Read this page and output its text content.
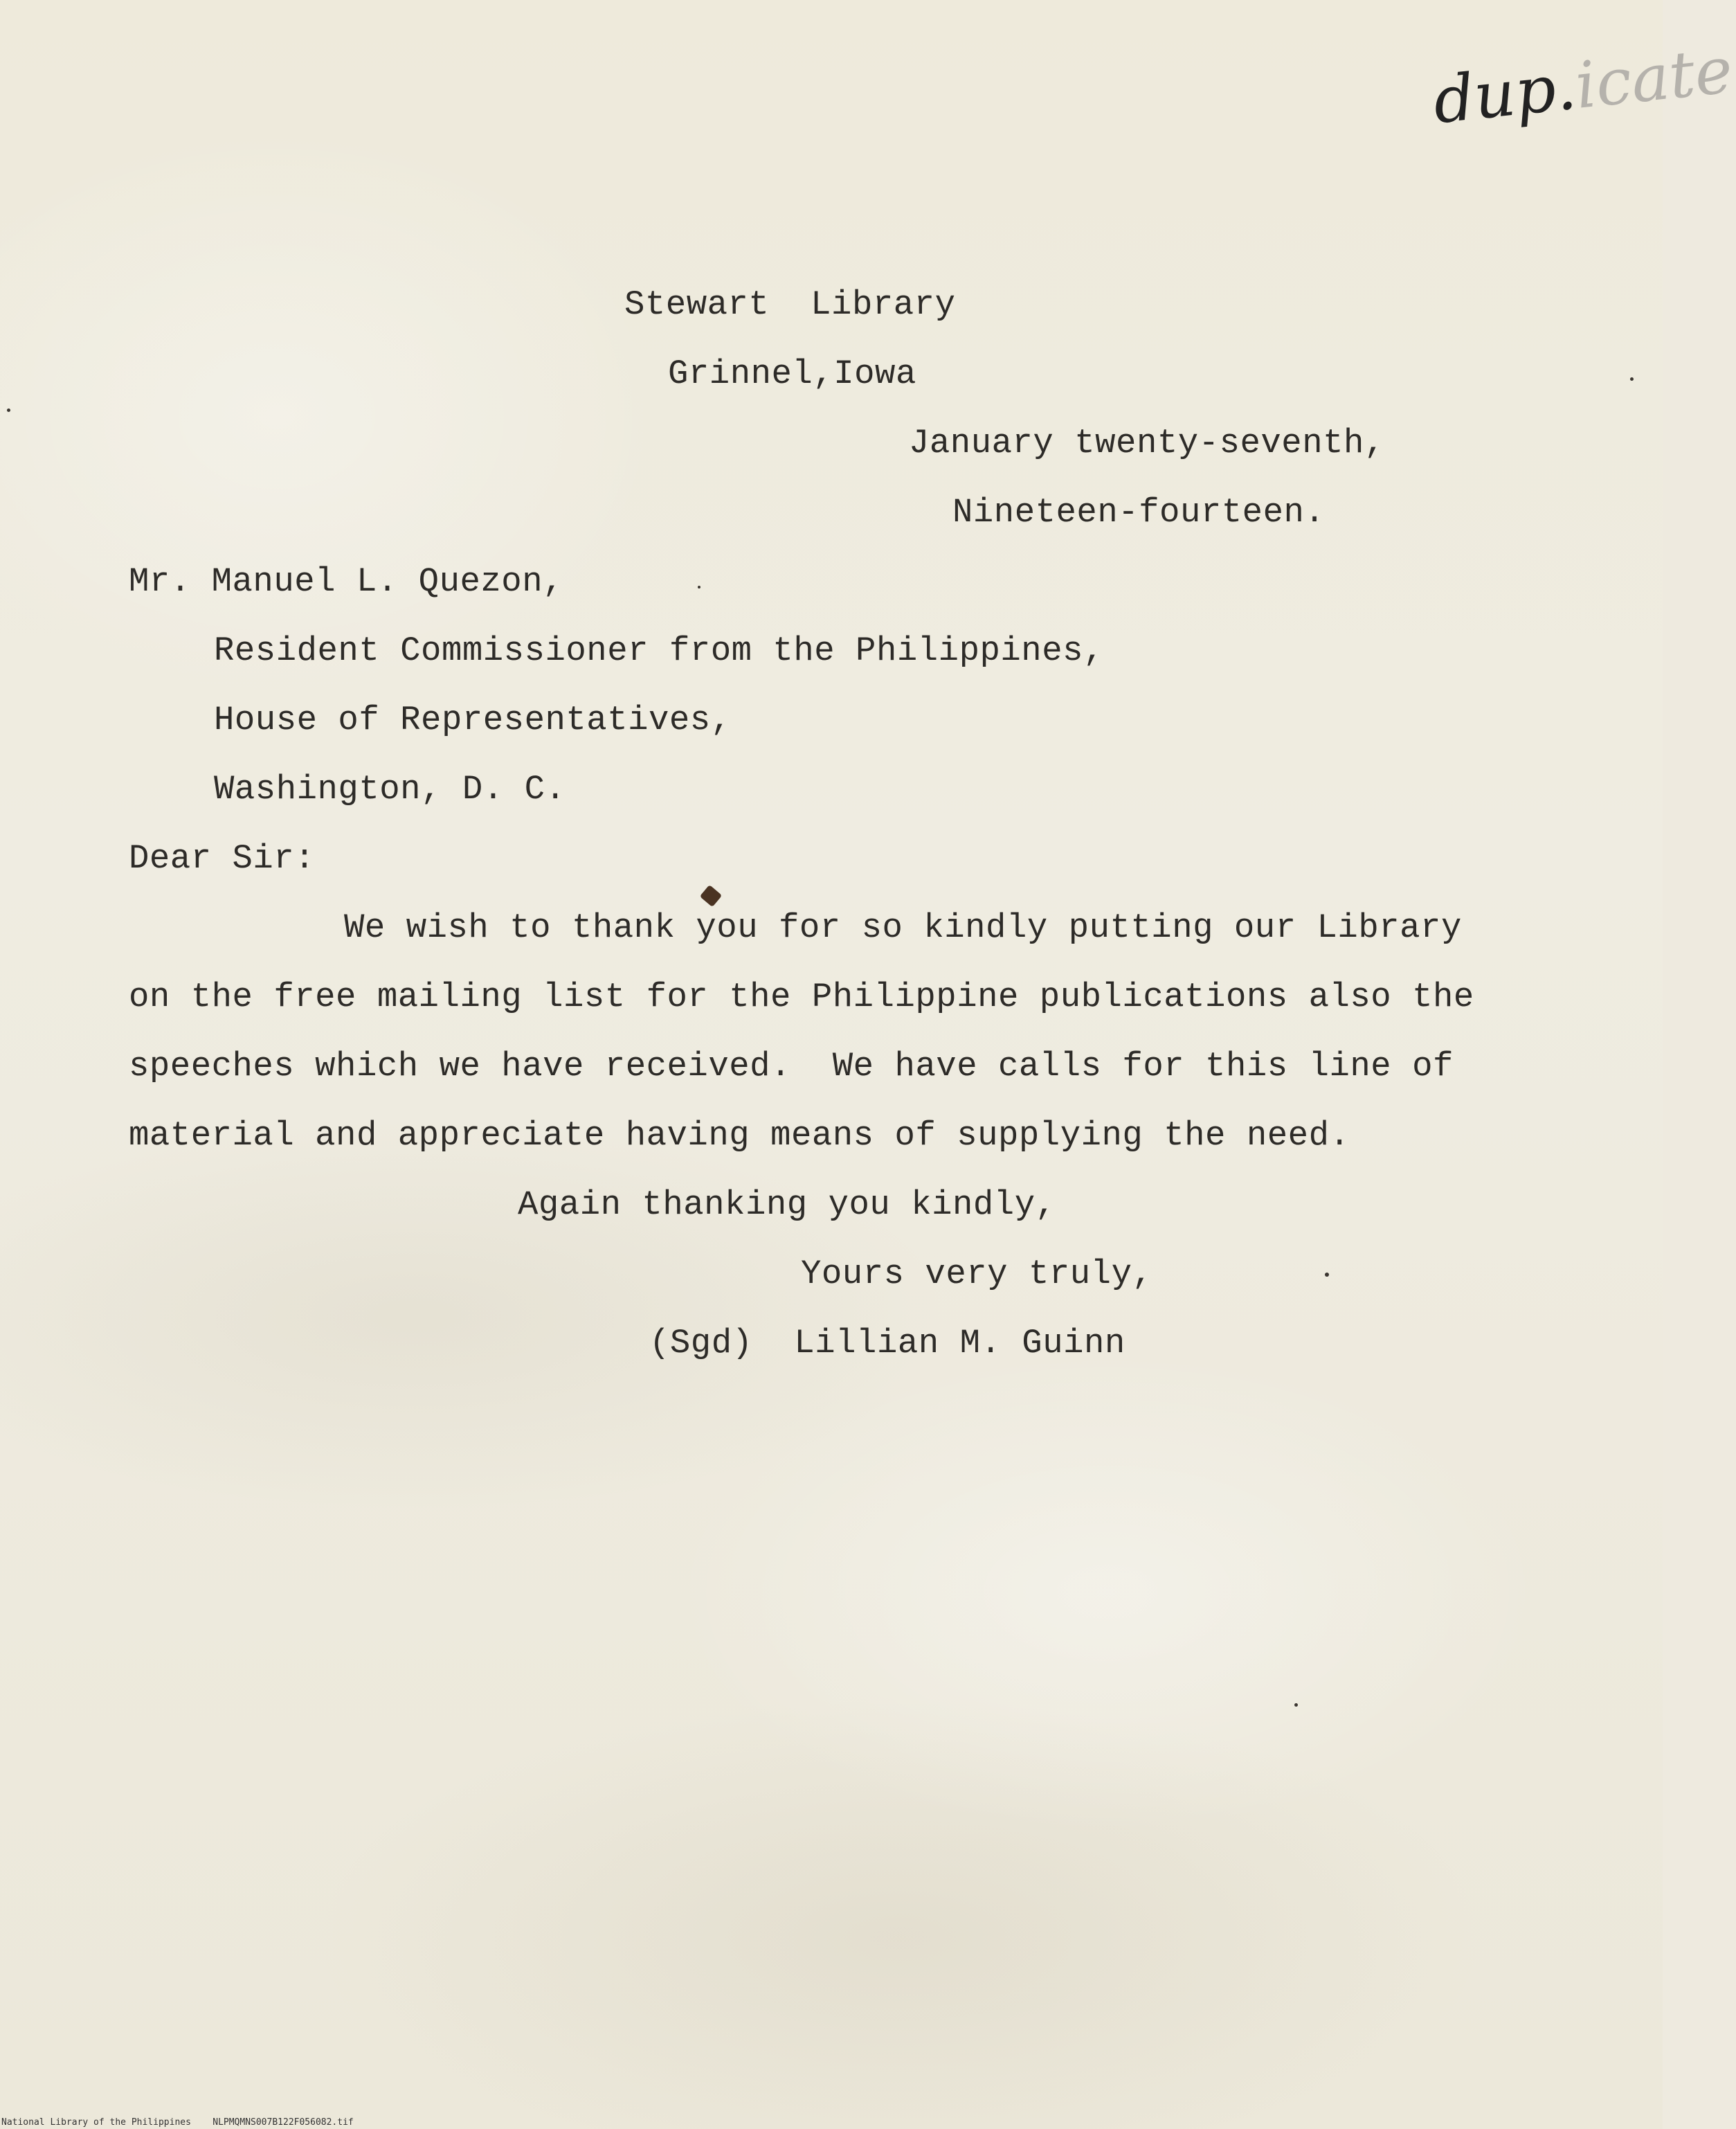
dup.icate
Stewart  Library
Grinnel,Iowa
January twenty-seventh,
Nineteen-fourteen.
Mr. Manuel L. Quezon,
Resident Commissioner from the Philippines,
House of Representatives,
Washington, D. C.
Dear Sir:
We wish to thank you for so kindly putting our Library
on the free mailing list for the Philippine publications also the
speeches which we have received.  We have calls for this line of
material and appreciate having means of supplying the need.
Again thanking you kindly,
Yours very truly,
(Sgd)  Lillian M. Guinn
National Library of the Philippines    NLPMQMNS007B122F056082.tif
